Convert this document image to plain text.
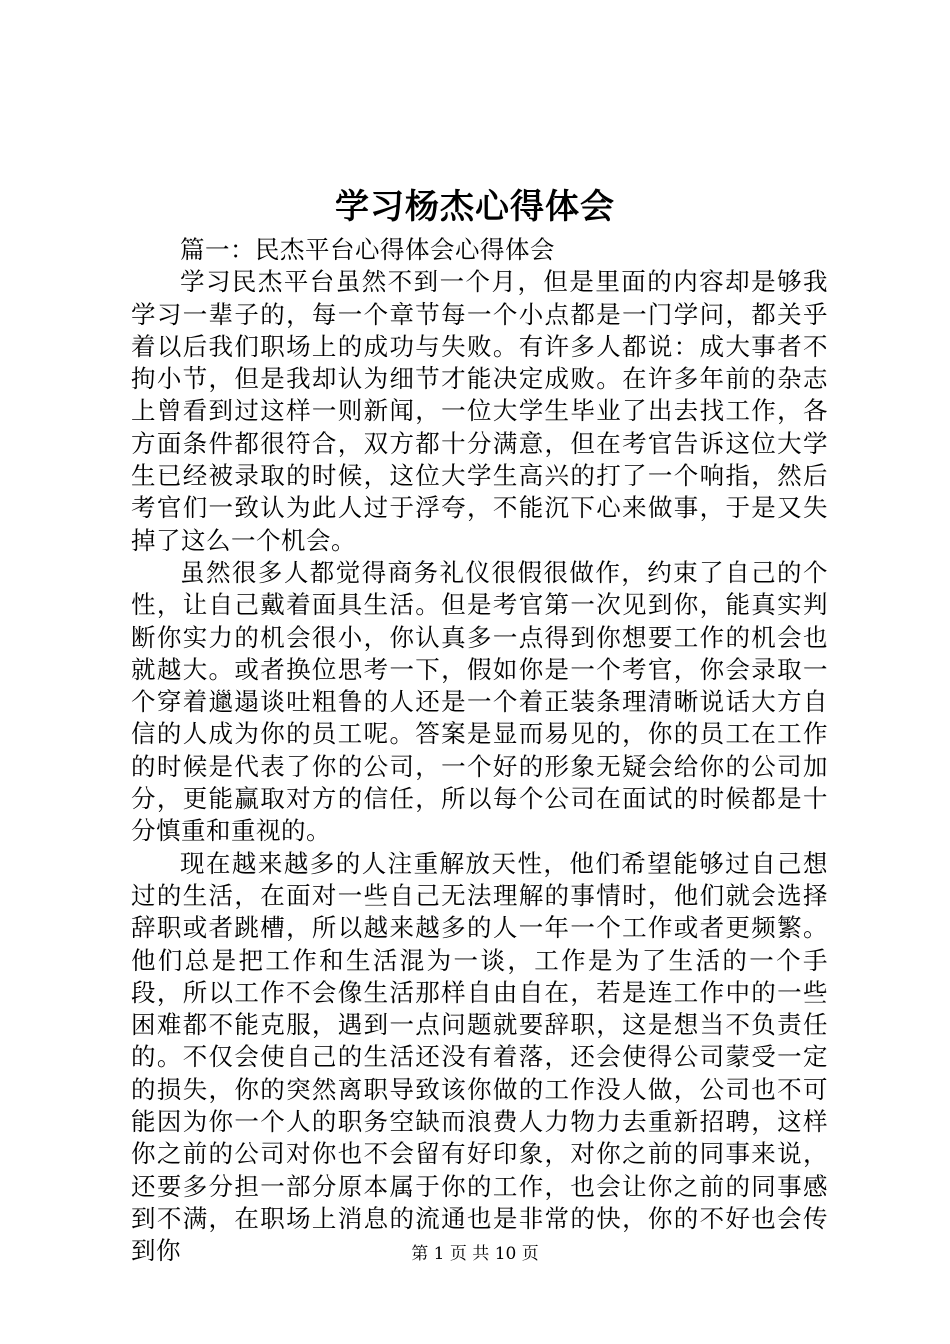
学习杨杰心得体会

篇一：民杰平台心得体会心得体会

学习民杰平台虽然不到一个月，但是里面的内容却是够我学习一辈子的，每一个章节每一个小点都是一门学问，都关乎着以后我们职场上的成功与失败。有许多人都说：成大事者不拘小节，但是我却认为细节才能决定成败。在许多年前的杂志上曾看到过这样一则新闻，一位大学生毕业了出去找工作，各方面条件都很符合，双方都十分满意，但在考官告诉这位大学生已经被录取的时候，这位大学生高兴的打了一个响指，然后考官们一致认为此人过于浮夸，不能沉下心来做事，于是又失掉了这么一个机会。

虽然很多人都觉得商务礼仪很假很做作，约束了自己的个性，让自己戴着面具生活。但是考官第一次见到你，能真实判断你实力的机会很小，你认真多一点得到你想要工作的机会也就越大。或者换位思考一下，假如你是一个考官，你会录取一个穿着邋遢谈吐粗鲁的人还是一个着正装条理清晰说话大方自信的人成为你的员工呢。答案是显而易见的，你的员工在工作的时候是代表了你的公司，一个好的形象无疑会给你的公司加分，更能赢取对方的信任，所以每个公司在面试的时候都是十分慎重和重视的。

现在越来越多的人注重解放天性，他们希望能够过自己想过的生活，在面对一些自己无法理解的事情时，他们就会选择辞职或者跳槽，所以越来越多的人一年一个工作或者更频繁。他们总是把工作和生活混为一谈，工作是为了生活的一个手段，所以工作不会像生活那样自由自在，若是连工作中的一些困难都不能克服，遇到一点问题就要辞职，这是想当不负责任的。不仅会使自己的生活还没有着落，还会使得公司蒙受一定的损失，你的突然离职导致该你做的工作没人做，公司也不可能因为你一个人的职务空缺而浪费人力物力去重新招聘，这样你之前的公司对你也不会留有好印象，对你之前的同事来说，还要多分担一部分原本属于你的工作，也会让你之前的同事感到不满，在职场上消息的流通也是非常的快，你的不好也会传到你	第 1 页 共 10 页
